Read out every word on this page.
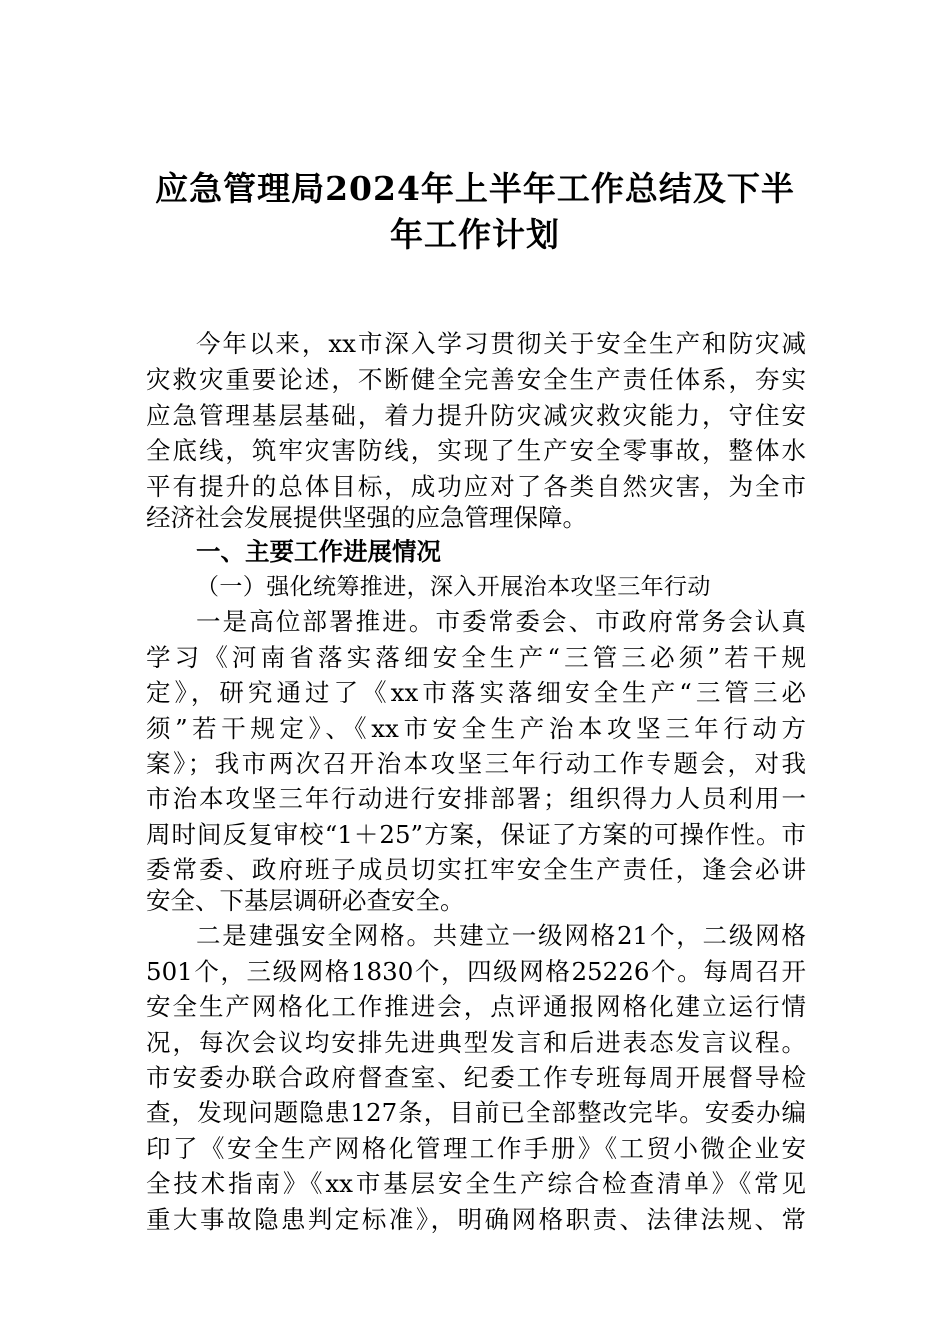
应急管理局2024年上半年工作总结及下半
年工作计划
今年以来，xx市深入学习贯彻关于安全生产和防灾减
灾救灾重要论述，不断健全完善安全生产责任体系，夯实
应急管理基层基础，着力提升防灾减灾救灾能力，守住安
全底线，筑牢灾害防线，实现了生产安全零事故，整体水
平有提升的总体目标，成功应对了各类自然灾害，为全市
经济社会发展提供坚强的应急管理保障。
一、主要工作进展情况
（一）强化统筹推进，深入开展治本攻坚三年行动
一是高位部署推进。市委常委会、市政府常务会认真
学习《河南省落实落细安全生产“三管三必须”若干规
定》，研究通过了《xx市落实落细安全生产“三管三必
须”若干规定》、《xx市安全生产治本攻坚三年行动方
案》；我市两次召开治本攻坚三年行动工作专题会，对我
市治本攻坚三年行动进行安排部署；组织得力人员利用一
周时间反复审校“1＋25”方案，保证了方案的可操作性。市
委常委、政府班子成员切实扛牢安全生产责任，逢会必讲
安全、下基层调研必查安全。
二是建强安全网格。共建立一级网格21个，二级网格
501个，三级网格1830个，四级网格25226个。每周召开
安全生产网格化工作推进会，点评通报网格化建立运行情
况，每次会议均安排先进典型发言和后进表态发言议程。
市安委办联合政府督查室、纪委工作专班每周开展督导检
查，发现问题隐患127条，目前已全部整改完毕。安委办编
印了《安全生产网格化管理工作手册》《工贸小微企业安
全技术指南》《xx市基层安全生产综合检查清单》《常见
重大事故隐患判定标准》，明确网格职责、法律法规、常
